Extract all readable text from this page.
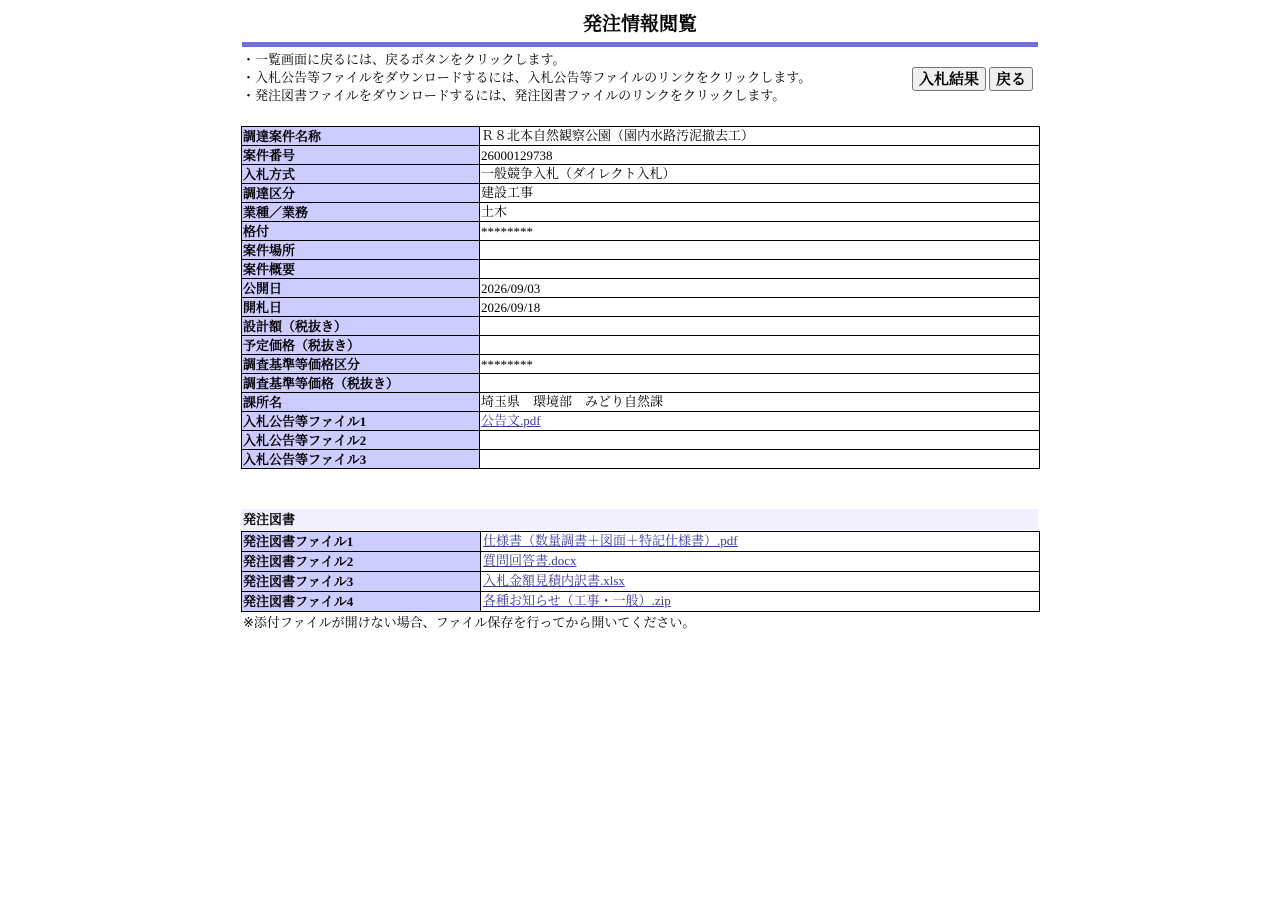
発注情報閲覧
・一覧画面に戻るには、戻るボタンをクリックします。
・入札公告等ファイルをダウンロードするには、入札公告等ファイルのリンクをクリックします。
・発注図書ファイルをダウンロードするには、発注図書ファイルのリンクをクリックします。
入札結果	戻る
調達案件名称	Ｒ８北本自然観察公園（園内水路汚泥撤去工）
案件番号	26000129738
入札方式	一般競争入札（ダイレクト入札）
調達区分	建設工事
業種／業務	土木
格付	********
案件場所	
案件概要	
公開日	2026/09/03
開札日	2026/09/18
設計額（税抜き）	
予定価格（税抜き）	
調査基準等価格区分	********
調査基準等価格（税抜き）	
課所名	埼玉県　環境部　みどり自然課
入札公告等ファイル1	公告文.pdf
入札公告等ファイル2	
入札公告等ファイル3	
発注図書
発注図書ファイル1	仕様書（数量調書＋図面＋特記仕様書）.pdf
発注図書ファイル2	質問回答書.docx
発注図書ファイル3	入札金額見積内訳書.xlsx
発注図書ファイル4	各種お知らせ（工事・一般）.zip
※添付ファイルが開けない場合、ファイル保存を行ってから開いてください。
